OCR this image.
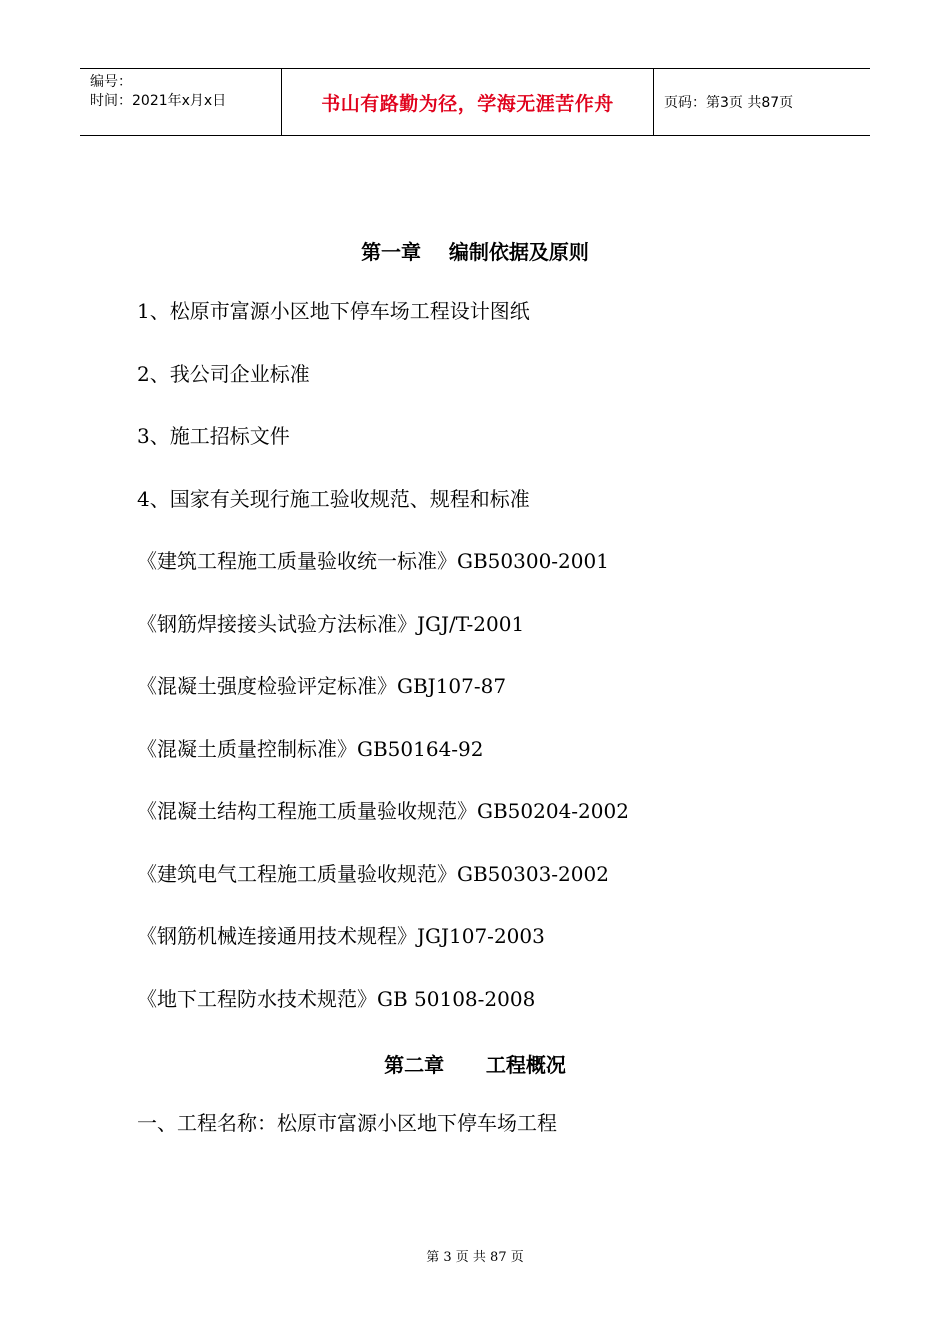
编号：
时间：2021年x月x日	书山有路勤为径，学海无涯苦作舟	页码：第3页 共87页
第一章    编制依据及原则
1、松原市富源小区地下停车场工程设计图纸
2、我公司企业标准
3、施工招标文件
4、国家有关现行施工验收规范、规程和标准
《建筑工程施工质量验收统一标准》GB50300-2001
《钢筋焊接接头试验方法标准》JGJ/T-2001
《混凝土强度检验评定标准》GBJ107-87
《混凝土质量控制标准》GB50164-92
《混凝土结构工程施工质量验收规范》GB50204-2002
《建筑电气工程施工质量验收规范》GB50303-2002
《钢筋机械连接通用技术规程》JGJ107-2003
《地下工程防水技术规范》GB 50108-2008
第二章      工程概况
一、工程名称：松原市富源小区地下停车场工程
第 3 页 共 87 页
